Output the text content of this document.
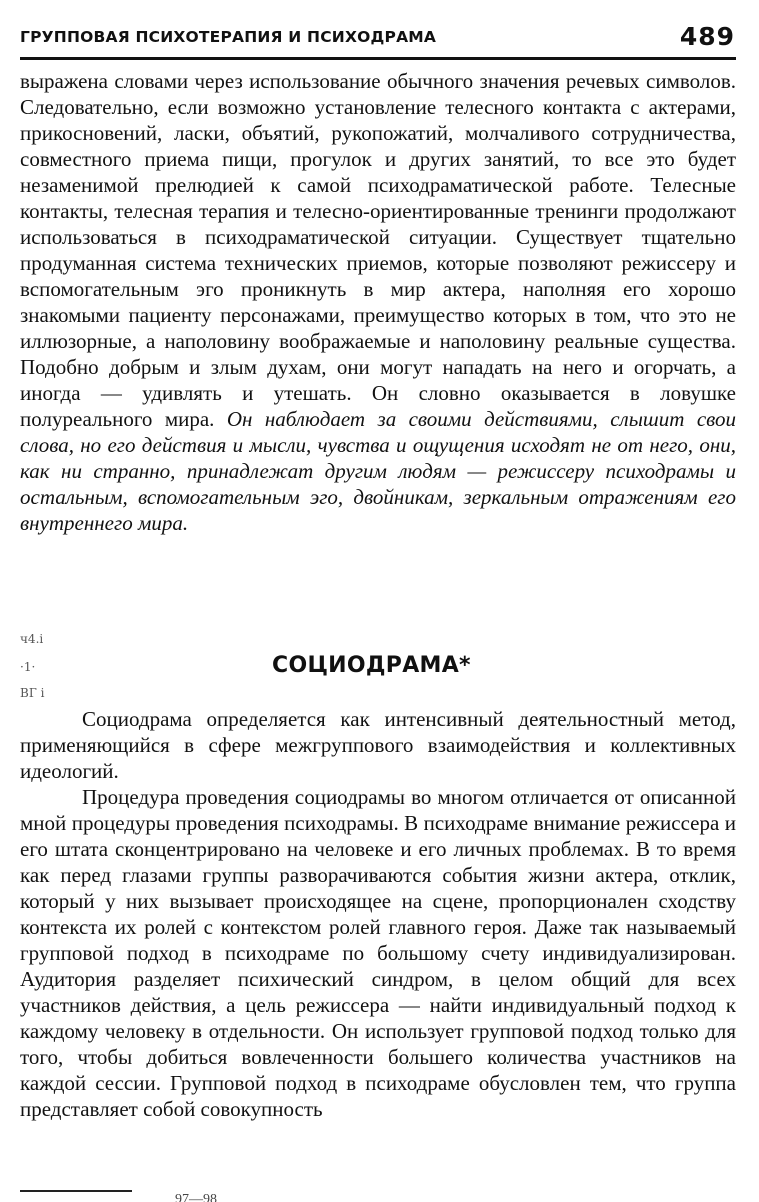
ГРУППОВАЯ ПСИХОТЕРАПИЯ И ПСИХОДРАМА	489

выражена словами через использование обычного значения речевых символов. Следовательно, если возможно установление телесного контакта с актерами, прикосновений, ласки, объятий, рукопожатий, молчаливого сотрудничества, совместного приема пищи, прогулок и других занятий, то все это будет незаменимой прелюдией к самой психодраматической работе. Телесные контакты, телесная терапия и телесно-ориентированные тренинги продолжают использоваться в психодраматической ситуации. Существует тщательно продуманная система технических приемов, которые позволяют режиссеру и вспомогательным эго проникнуть в мир актера, наполняя его хорошо знакомыми пациенту персонажами, преимущество которых в том, что это не иллюзорные, а наполовину воображаемые и наполовину реальные существа. Подобно добрым и злым духам, они могут нападать на него и огорчать, а иногда — удивлять и утешать. Он словно оказывается в ловушке полуреального мира. Он наблюдает за своими действиями, слышит свои слова, но его действия и мысли, чувства и ощущения исходят не от него, они, как ни странно, принадлежат другим людям — режиссеру психодрамы и остальным, вспомогательным эго, двойникам, зеркальным отражениям его внутреннего мира.

ч4.і
·1·
ВГ і
СОЦИОДРАМА*

Социодрама определяется как интенсивный деятельностный метод, применяющийся в сфере межгруппового взаимодействия и коллективных идеологий.

Процедура проведения социодрамы во многом отличается от описанной мной процедуры проведения психодрамы. В психодраме внимание режиссера и его штата сконцентрировано на человеке и его личных проблемах. В то время как перед глазами группы разворачиваются события жизни актера, отклик, который у них вызывает происходящее на сцене, пропорционален сходству контекста их ролей с контекстом ролей главного героя. Даже так называемый групповой подход в психодраме по большому счету индивидуализирован. Аудитория разделяет психический синдром, в целом общий для всех участников действия, а цель режиссера — найти индивидуальный подход к каждому человеку в отдельности. Он использует групповой подход только для того, чтобы добиться вовлеченности большего количества участников на каждой сессии. Групповой подход в психодраме обусловлен тем, что группа представляет собой совокупность

97—98
